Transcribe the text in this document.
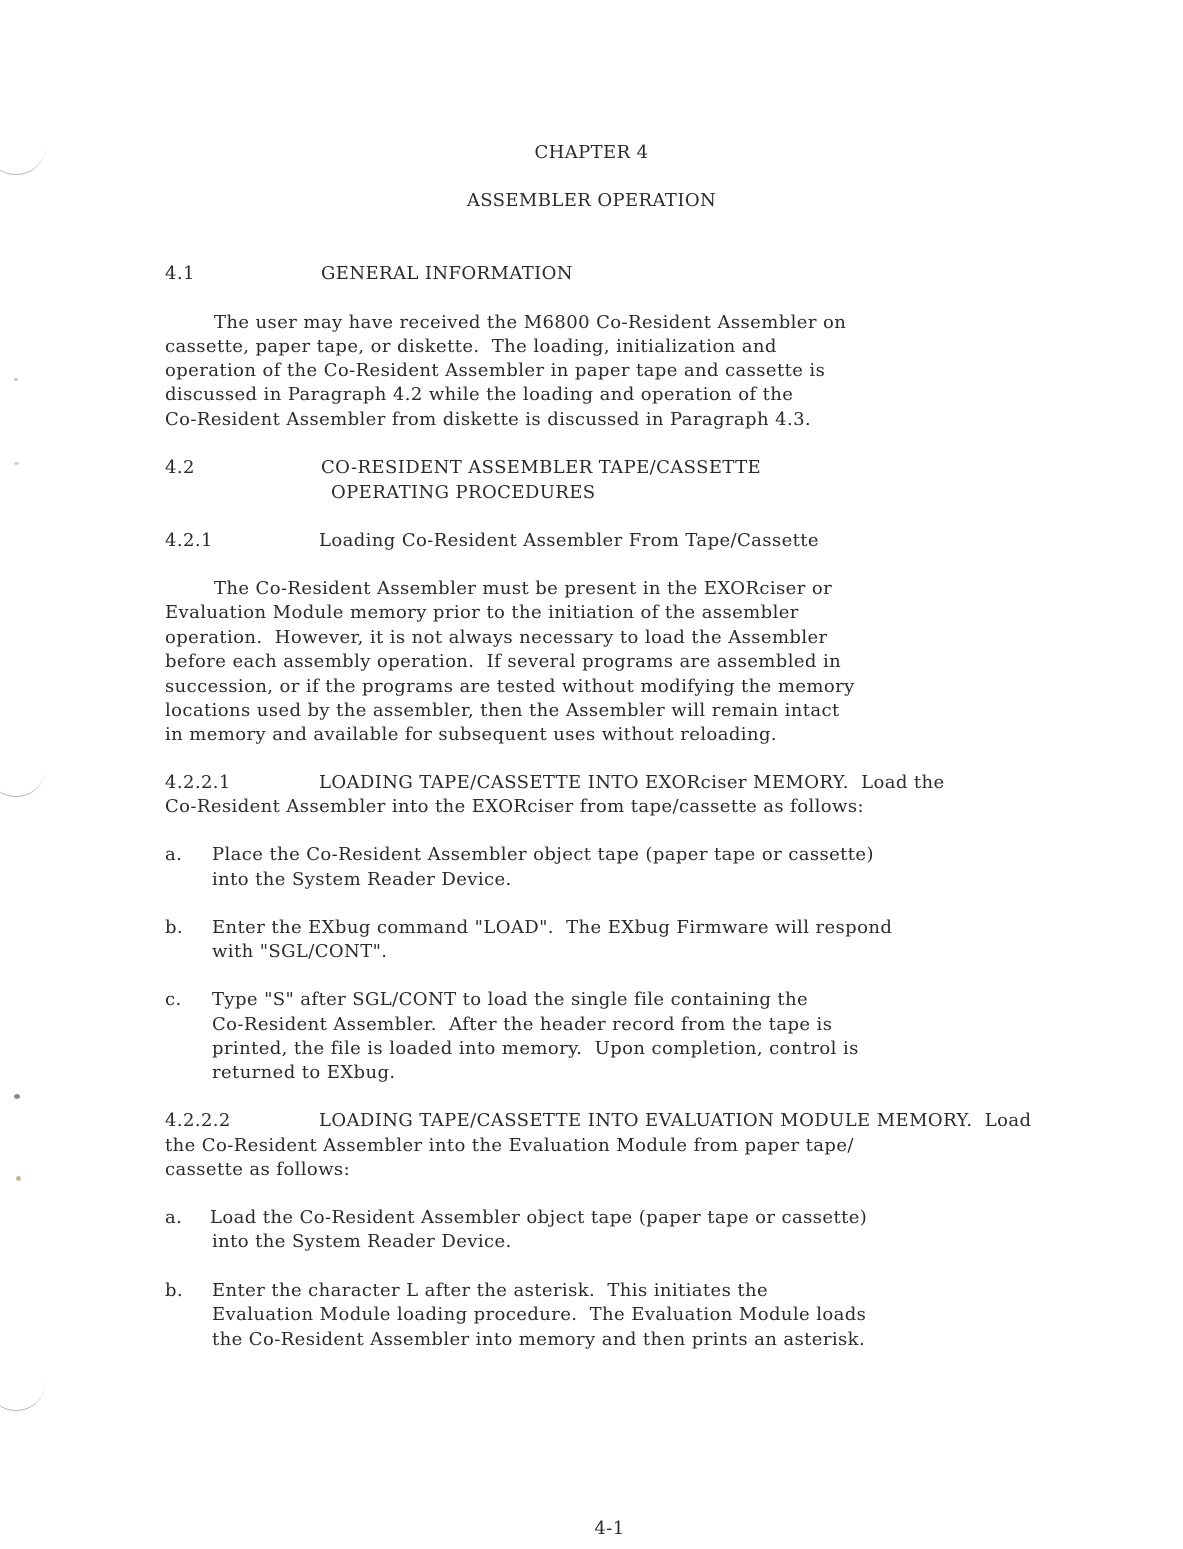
CHAPTER 4
ASSEMBLER OPERATION
4.1	GENERAL INFORMATION
The user may have received the M6800 Co-Resident Assembler on
cassette, paper tape, or diskette.  The loading, initialization and
operation of the Co-Resident Assembler in paper tape and cassette is
discussed in Paragraph 4.2 while the loading and operation of the
Co-Resident Assembler from diskette is discussed in Paragraph 4.3.
4.2	CO-RESIDENT ASSEMBLER TAPE/CASSETTE
OPERATING PROCEDURES
4.2.1	Loading Co-Resident Assembler From Tape/Cassette
The Co-Resident Assembler must be present in the EXORciser or
Evaluation Module memory prior to the initiation of the assembler
operation.  However, it is not always necessary to load the Assembler
before each assembly operation.  If several programs are assembled in
succession, or if the programs are tested without modifying the memory
locations used by the assembler, then the Assembler will remain intact
in memory and available for subsequent uses without reloading.
4.2.2.1	LOADING TAPE/CASSETTE INTO EXORciser MEMORY.  Load the
Co-Resident Assembler into the EXORciser from tape/cassette as follows:
a. Place the Co-Resident Assembler object tape (paper tape or cassette)
into the System Reader Device.
b. Enter the EXbug command "LOAD".  The EXbug Firmware will respond
with "SGL/CONT".
c. Type "S" after SGL/CONT to load the single file containing the
Co-Resident Assembler.  After the header record from the tape is
printed, the file is loaded into memory.  Upon completion, control is
returned to EXbug.
4.2.2.2	LOADING TAPE/CASSETTE INTO EVALUATION MODULE MEMORY.  Load
the Co-Resident Assembler into the Evaluation Module from paper tape/
cassette as follows:
a. Load the Co-Resident Assembler object tape (paper tape or cassette)
into the System Reader Device.
b. Enter the character L after the asterisk.  This initiates the
Evaluation Module loading procedure.  The Evaluation Module loads
the Co-Resident Assembler into memory and then prints an asterisk.
4-1
